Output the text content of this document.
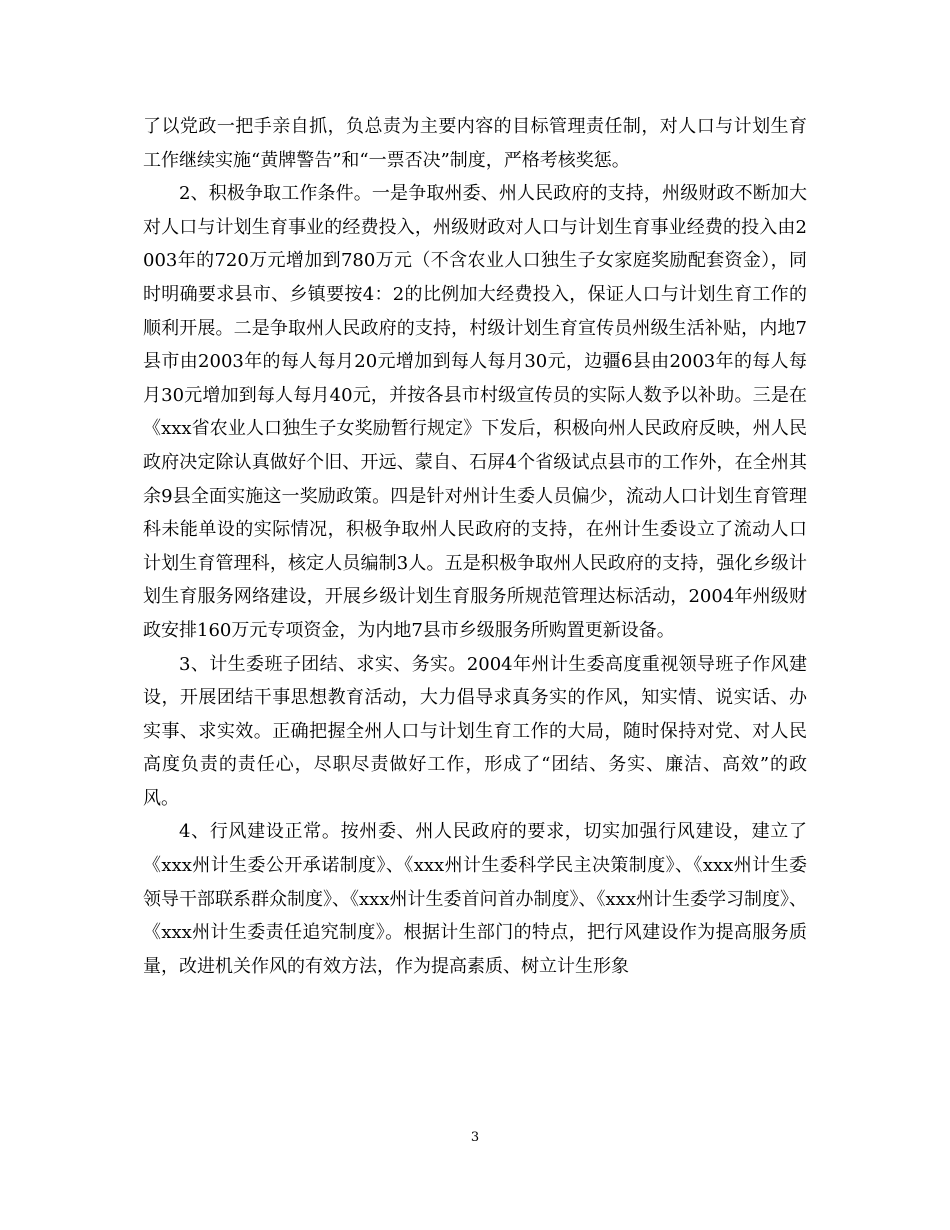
了以党政一把手亲自抓，负总责为主要内容的目标管理责任制，对人口与计划生育工作继续实施“黄牌警告”和“一票否决”制度，严格考核奖惩。

2、积极争取工作条件。一是争取州委、州人民政府的支持，州级财政不断加大对人口与计划生育事业的经费投入，州级财政对人口与计划生育事业经费的投入由2003年的720万元增加到780万元（不含农业人口独生子女家庭奖励配套资金），同时明确要求县市、乡镇要按4：2的比例加大经费投入，保证人口与计划生育工作的顺利开展。二是争取州人民政府的支持，村级计划生育宣传员州级生活补贴，内地7县市由2003年的每人每月20元增加到每人每月30元，边疆6县由2003年的每人每月30元增加到每人每月40元，并按各县市村级宣传员的实际人数予以补助。三是在《xxx省农业人口独生子女奖励暂行规定》下发后，积极向州人民政府反映，州人民政府决定除认真做好个旧、开远、蒙自、石屏4个省级试点县市的工作外，在全州其余9县全面实施这一奖励政策。四是针对州计生委人员偏少，流动人口计划生育管理科未能单设的实际情况，积极争取州人民政府的支持，在州计生委设立了流动人口计划生育管理科，核定人员编制3人。五是积极争取州人民政府的支持，强化乡级计划生育服务网络建设，开展乡级计划生育服务所规范管理达标活动，2004年州级财政安排160万元专项资金，为内地7县市乡级服务所购置更新设备。

3、计生委班子团结、求实、务实。2004年州计生委高度重视领导班子作风建设，开展团结干事思想教育活动，大力倡导求真务实的作风，知实情、说实话、办实事、求实效。正确把握全州人口与计划生育工作的大局，随时保持对党、对人民高度负责的责任心，尽职尽责做好工作，形成了“团结、务实、廉洁、高效”的政风。

4、行风建设正常。按州委、州人民政府的要求，切实加强行风建设，建立了《xxx州计生委公开承诺制度》、《xxx州计生委科学民主决策制度》、《xxx州计生委领导干部联系群众制度》、《xxx州计生委首问首办制度》、《xxx州计生委学习制度》、《xxx州计生委责任追究制度》。根据计生部门的特点，把行风建设作为提高服务质量，改进机关作风的有效方法，作为提高素质、树立计生形象

3
